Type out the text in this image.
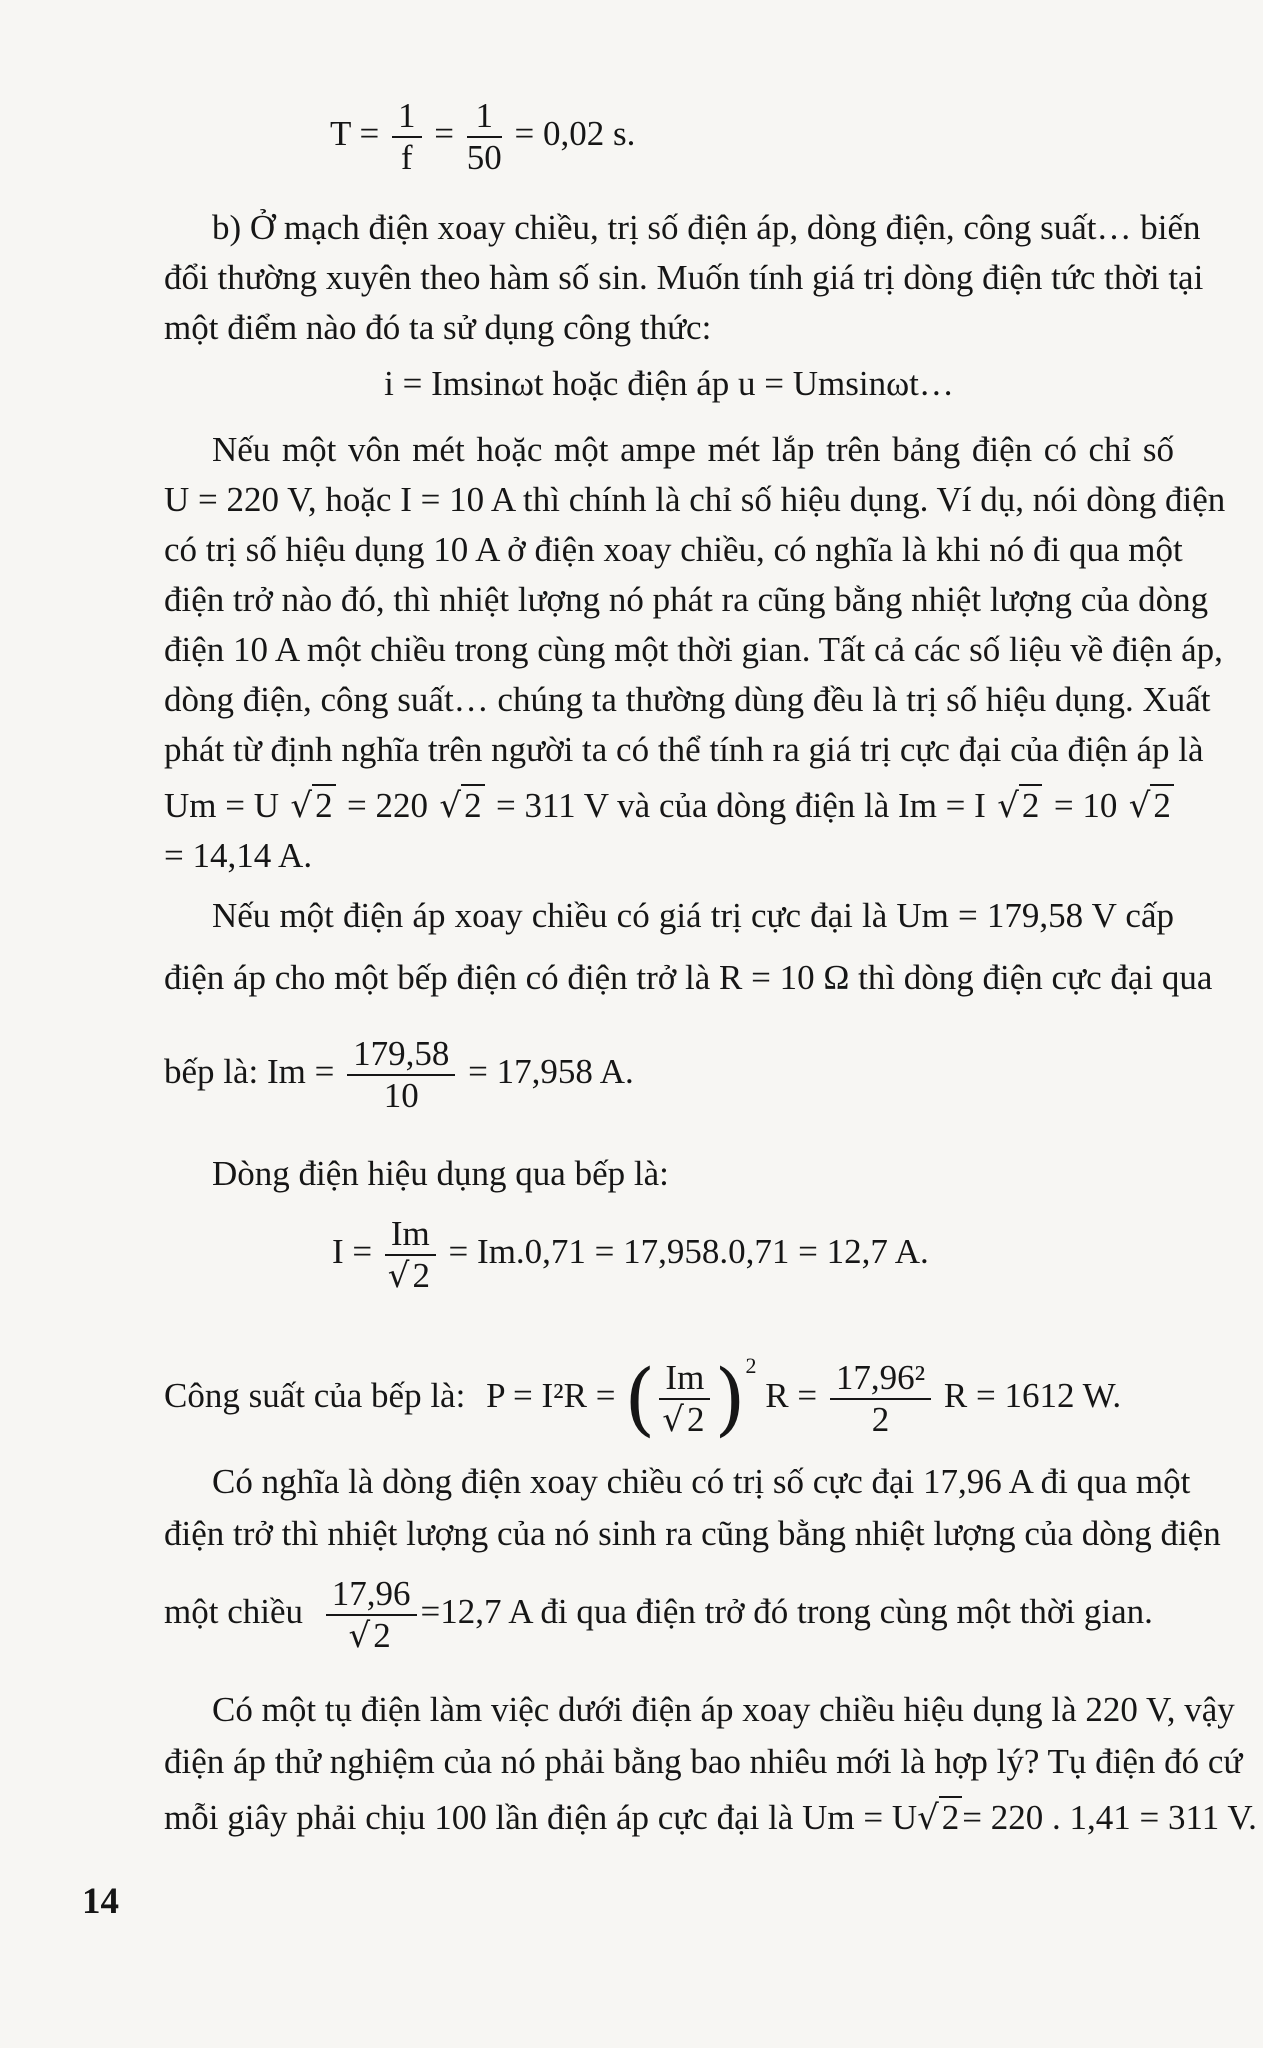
$T = \frac{1}{f} = \frac{1}{50} = 0,02$ s.
b) Ở mạch điện xoay chiều, trị số điện áp, dòng điện, công suất… biến
đổi thường xuyên theo hàm số sin. Muốn tính giá trị dòng điện tức thời tại
một điểm nào đó ta sử dụng công thức:
i = Imsinωt hoặc điện áp u = Umsinωt…
Nếu một vôn mét hoặc một ampe mét lắp trên bảng điện có chỉ số
U = 220 V, hoặc I = 10 A thì chính là chỉ số hiệu dụng. Ví dụ, nói dòng điện
có trị số hiệu dụng 10 A ở điện xoay chiều, có nghĩa là khi nó đi qua một
điện trở nào đó, thì nhiệt lượng nó phát ra cũng bằng nhiệt lượng của dòng
điện 10 A một chiều trong cùng một thời gian. Tất cả các số liệu về điện áp,
dòng điện, công suất… chúng ta thường dùng đều là trị số hiệu dụng. Xuất
phát từ định nghĩa trên người ta có thể tính ra giá trị cực đại của điện áp là
Um = U √2 = 220 √2 = 311 V và của dòng điện là Im = I √2 = 10 √2
= 14,14 A.
Nếu một điện áp xoay chiều có giá trị cực đại là Um = 179,58 V cấp
điện áp cho một bếp điện có điện trở là R = 10 Ω thì dòng điện cực đại qua
bếp là: $Im = \frac{179,58}{10} = 17,958$ A.
Dòng điện hiệu dụng qua bếp là:
$I = \frac{Im}{√2} = Im.0,71 = 17,958.0,71 = 12,7$ A.
Công suất của bếp là: P = I²R = ( $\frac{Im}{√2} )^2$ $R = \frac{\text{17,96²}}{2}$ R = 1612 W.
Có nghĩa là dòng điện xoay chiều có trị số cực đại 17,96 A đi qua một
điện trở thì nhiệt lượng của nó sinh ra cũng bằng nhiệt lượng của dòng điện
một chiều $\frac{17,96}{√2} =12,7$ A đi qua điện trở đó trong cùng một thời gian.
Có một tụ điện làm việc dưới điện áp xoay chiều hiệu dụng là 220 V, vậy
điện áp thử nghiệm của nó phải bằng bao nhiêu mới là hợp lý? Tụ điện đó cứ
mỗi giây phải chịu 100 lần điện áp cực đại là Um = U √2 = 220 . 1,41 = 311 V.
14
